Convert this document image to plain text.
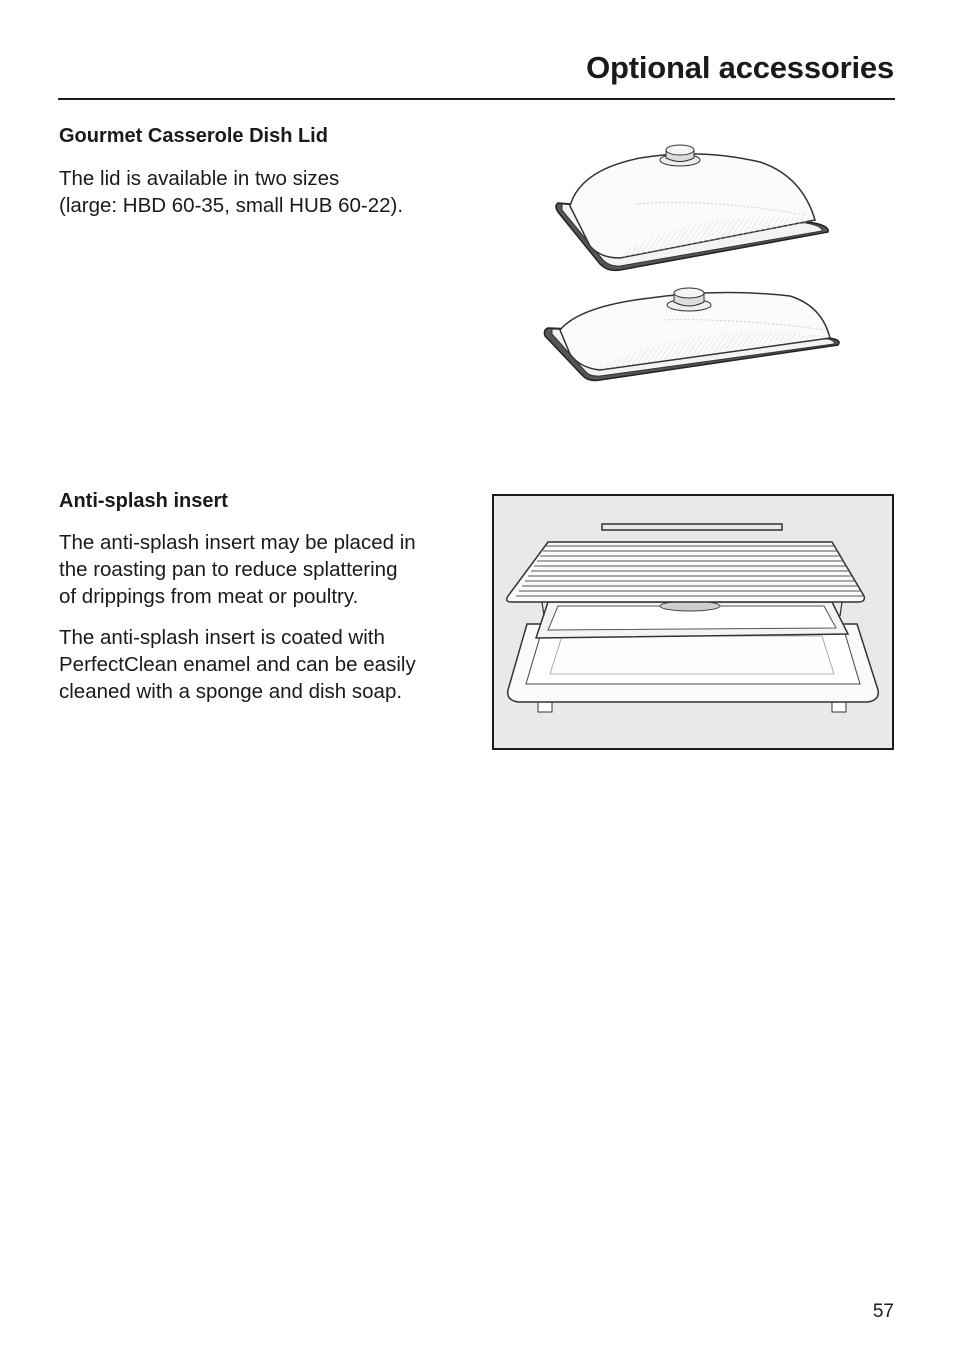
Optional accessories
Gourmet Casserole Dish Lid

The lid is available in two sizes
(large: HBD 60-35, small HUB 60-22).

Anti-splash insert

The anti-splash insert may be placed in
the roasting pan to reduce splattering
of drippings from meat or poultry.

The anti-splash insert is coated with
PerfectClean enamel and can be easily
cleaned with a sponge and dish soap.

57
